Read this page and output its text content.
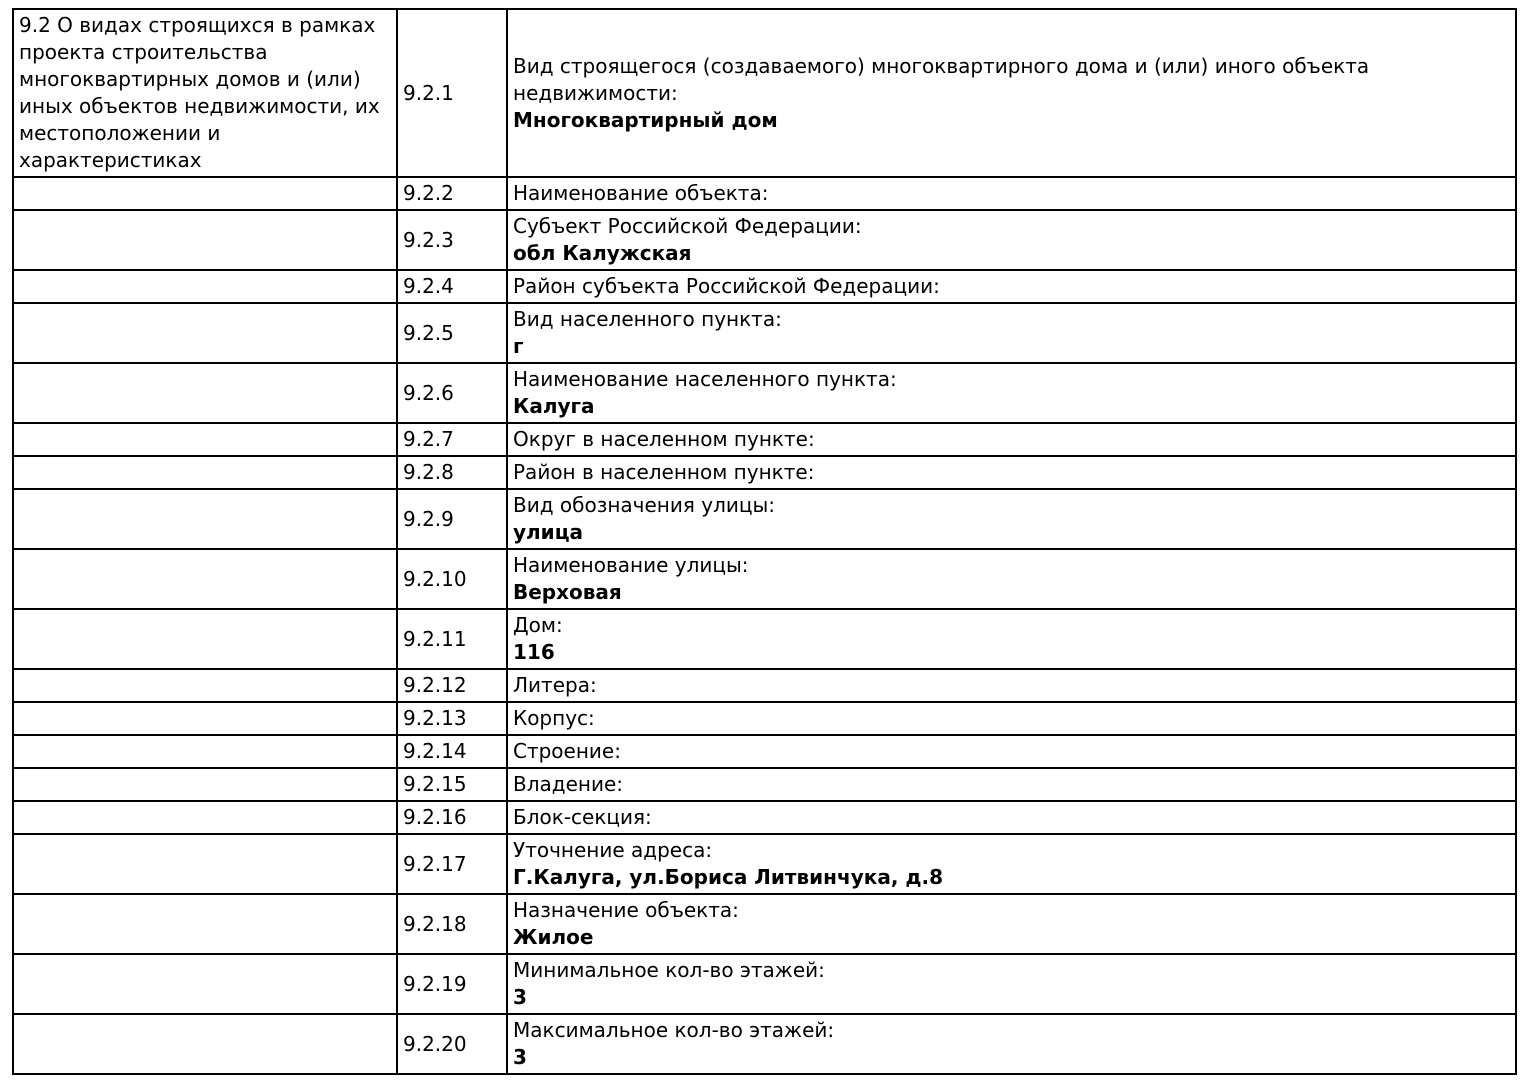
9.2 О видах строящихся в рамках проекта строительства многоквартирных домов и (или) иных объектов недвижимости, их местоположении и характеристиках	9.2.1	Вид строящегося (создаваемого) многоквартирного дома и (или) иного объекта недвижимости:
Многоквартирный дом

	9.2.2	Наименование объекта:

	9.2.3	Субъект Российской Федерации:
обл Калужская

	9.2.4	Район субъекта Российской Федерации:

	9.2.5	Вид населенного пункта:
г

	9.2.6	Наименование населенного пункта:
Калуга

	9.2.7	Округ в населенном пункте:

	9.2.8	Район в населенном пункте:

	9.2.9	Вид обозначения улицы:
улица

	9.2.10	Наименование улицы:
Верховая

	9.2.11	Дом:
116

	9.2.12	Литера:

	9.2.13	Корпус:

	9.2.14	Строение:

	9.2.15	Владение:

	9.2.16	Блок-секция:

	9.2.17	Уточнение адреса:
Г.Калуга, ул.Бориса Литвинчука, д.8

	9.2.18	Назначение объекта:
Жилое

	9.2.19	Минимальное кол-во этажей:
3

	9.2.20	Максимальное кол-во этажей:
3
